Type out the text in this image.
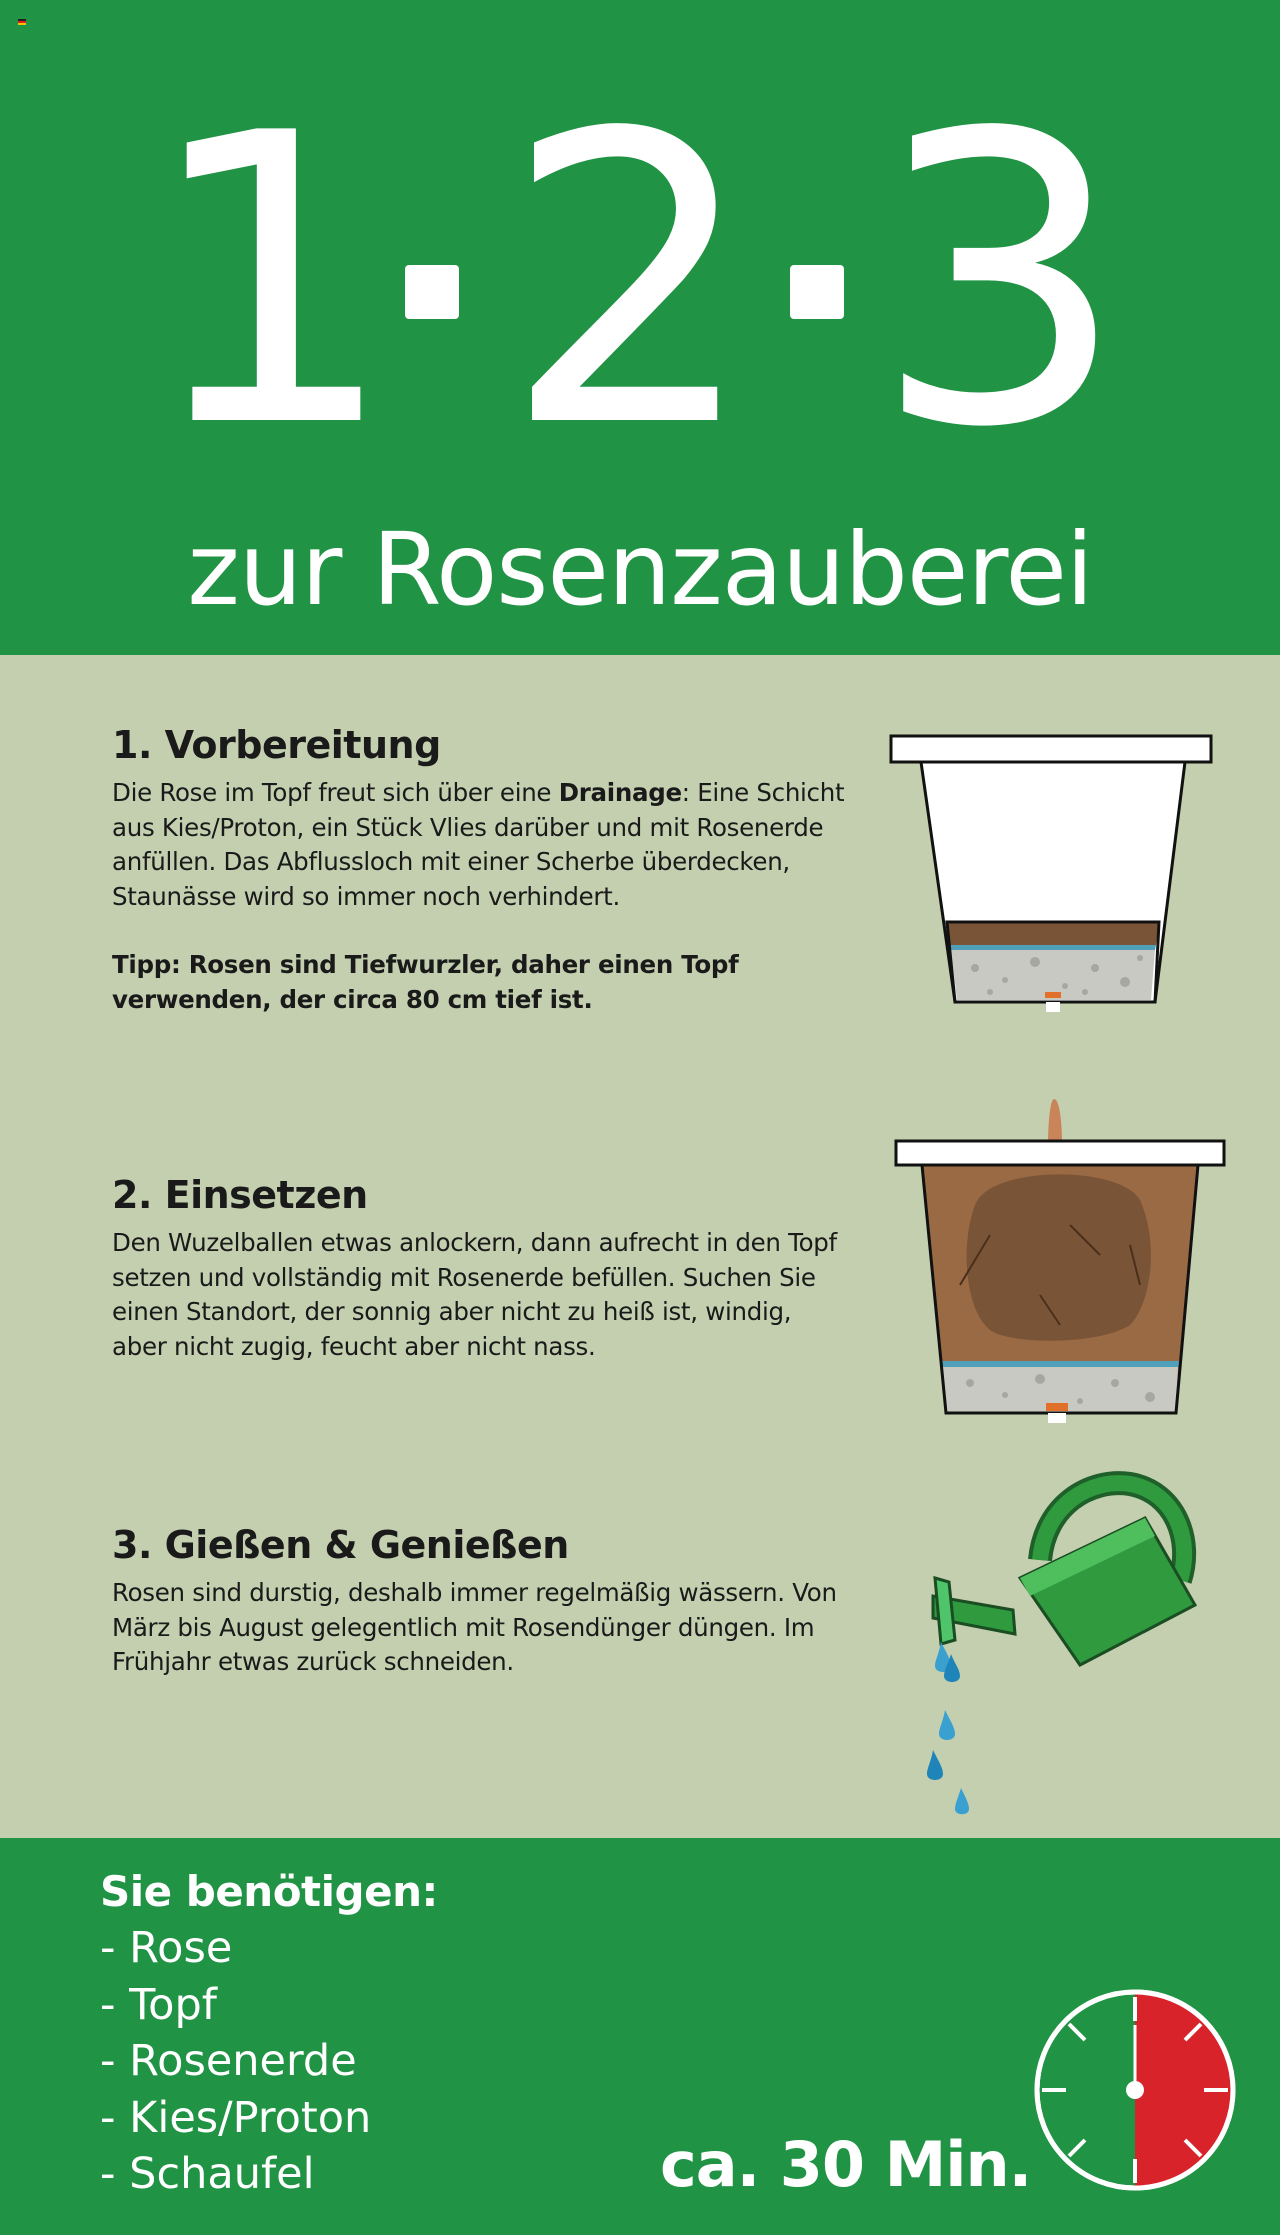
1 2 3
zur Rosenzauberei
1. Vorbereitung

Die Rose im Topf freut sich über eine Drainage: Eine Schicht aus Kies/Proton, ein Stück Vlies darüber und mit Rosenerde anfüllen. Das Abflussloch mit einer Scherbe überdecken, Staunässe wird so immer noch verhindert.

Tipp: Rosen sind Tiefwurzler, daher einen Topf verwenden, der circa 80 cm tief ist.

2. Einsetzen

Den Wuzelballen etwas anlockern, dann aufrecht in den Topf setzen und vollständig mit Rosenerde befüllen. Suchen Sie einen Standort, der sonnig aber nicht zu heiß ist, windig, aber nicht zugig, feucht aber nicht nass.

3. Gießen & Genießen

Rosen sind durstig, deshalb immer regelmäßig wässern. Von März bis August gelegentlich mit Rosendünger düngen. Im Frühjahr etwas zurück schneiden.

Sie benötigen:
- Rose
- Topf
- Rosenerde
- Kies/Proton
- Schaufel	ca. 30 Min.
